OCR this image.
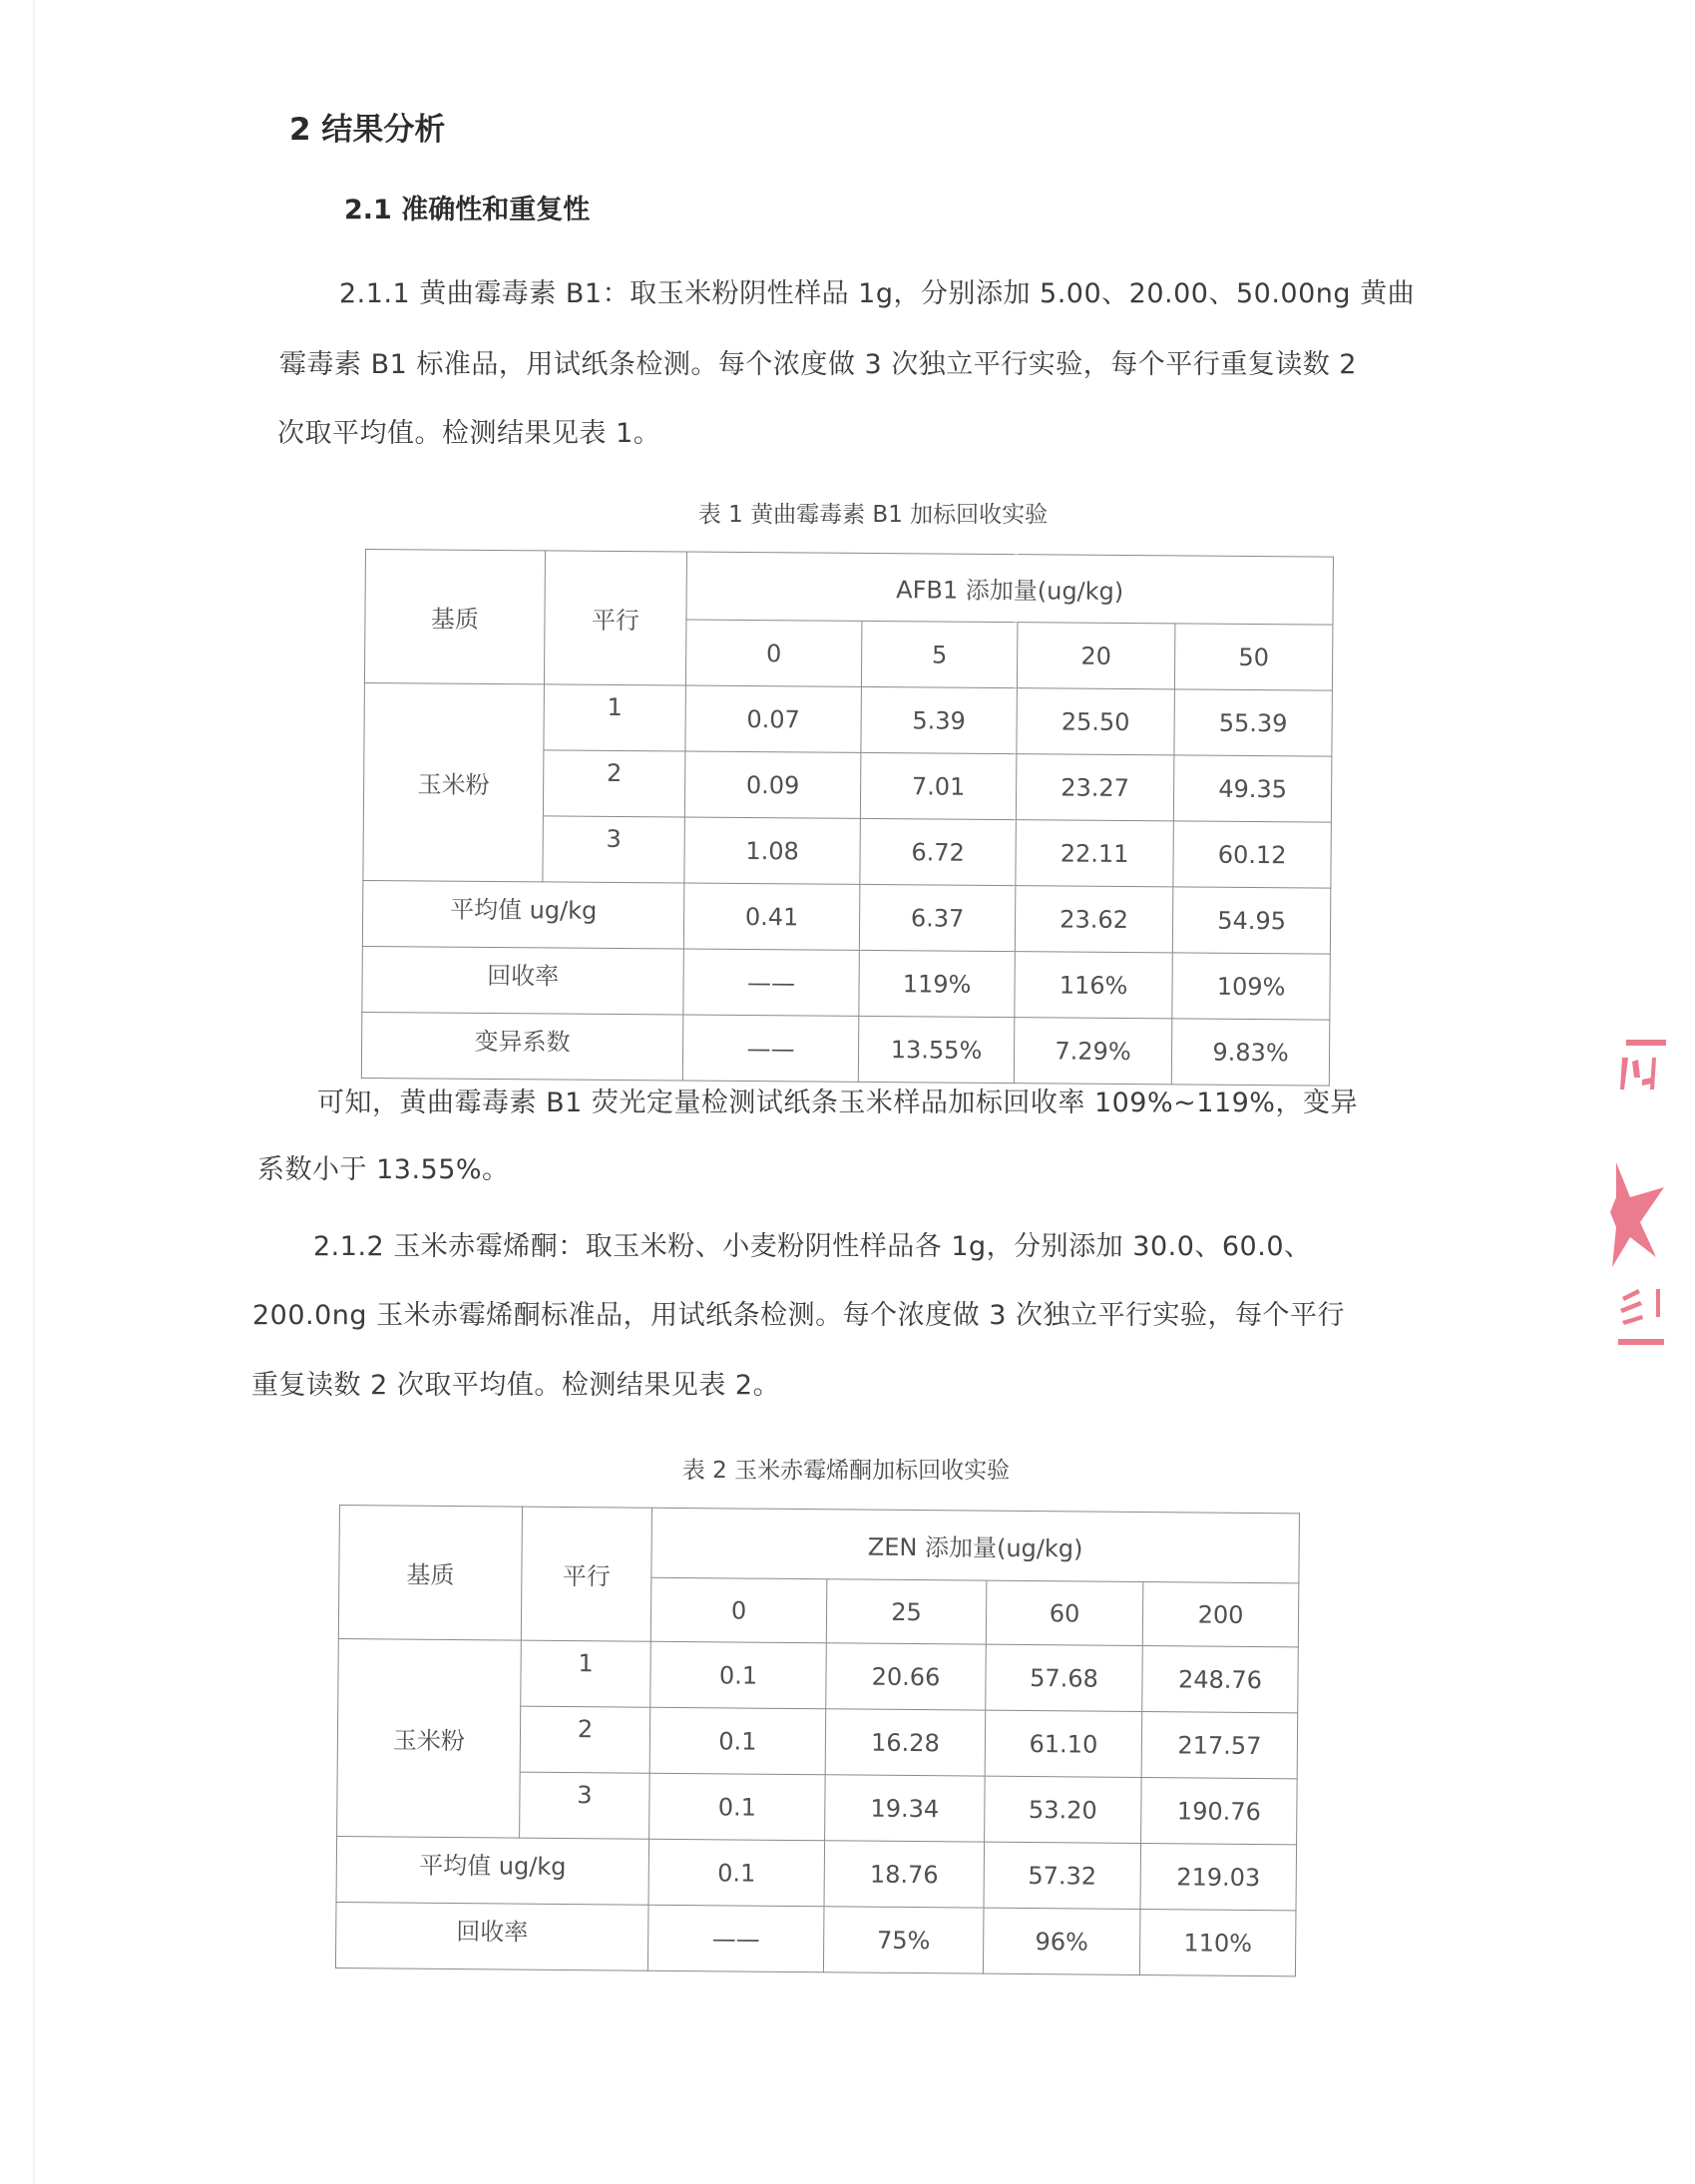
2 结果分析
2.1 准确性和重复性
2.1.1 黄曲霉毒素 B1：取玉米粉阴性样品 1g，分别添加 5.00、20.00、50.00ng 黄曲
霉毒素 B1 标准品，用试纸条检测。每个浓度做 3 次独立平行实验，每个平行重复读数 2
次取平均值。检测结果见表 1。
表 1 黄曲霉毒素 B1 加标回收实验
基质	平行	AFB1 添加量(ug/kg)			
		0	5	20	50
玉米粉	1	0.07	5.39	25.50	55.39
	2	0.09	7.01	23.27	49.35
	3	1.08	6.72	22.11	60.12
平均值 ug/kg		0.41	6.37	23.62	54.95
回收率		——	119%	116%	109%
变异系数		——	13.55%	7.29%	9.83%
可知，黄曲霉毒素 B1 荧光定量检测试纸条玉米样品加标回收率 109%~119%，变异
系数小于 13.55%。
2.1.2 玉米赤霉烯酮：取玉米粉、小麦粉阴性样品各 1g，分别添加 30.0、60.0、
200.0ng 玉米赤霉烯酮标准品，用试纸条检测。每个浓度做 3 次独立平行实验，每个平行
重复读数 2 次取平均值。检测结果见表 2。
表 2 玉米赤霉烯酮加标回收实验
基质	平行	ZEN 添加量(ug/kg)			
		0	25	60	200
玉米粉	1	0.1	20.66	57.68	248.76
	2	0.1	16.28	61.10	217.57
	3	0.1	19.34	53.20	190.76
平均值 ug/kg		0.1	18.76	57.32	219.03
回收率		——	75%	96%	110%
